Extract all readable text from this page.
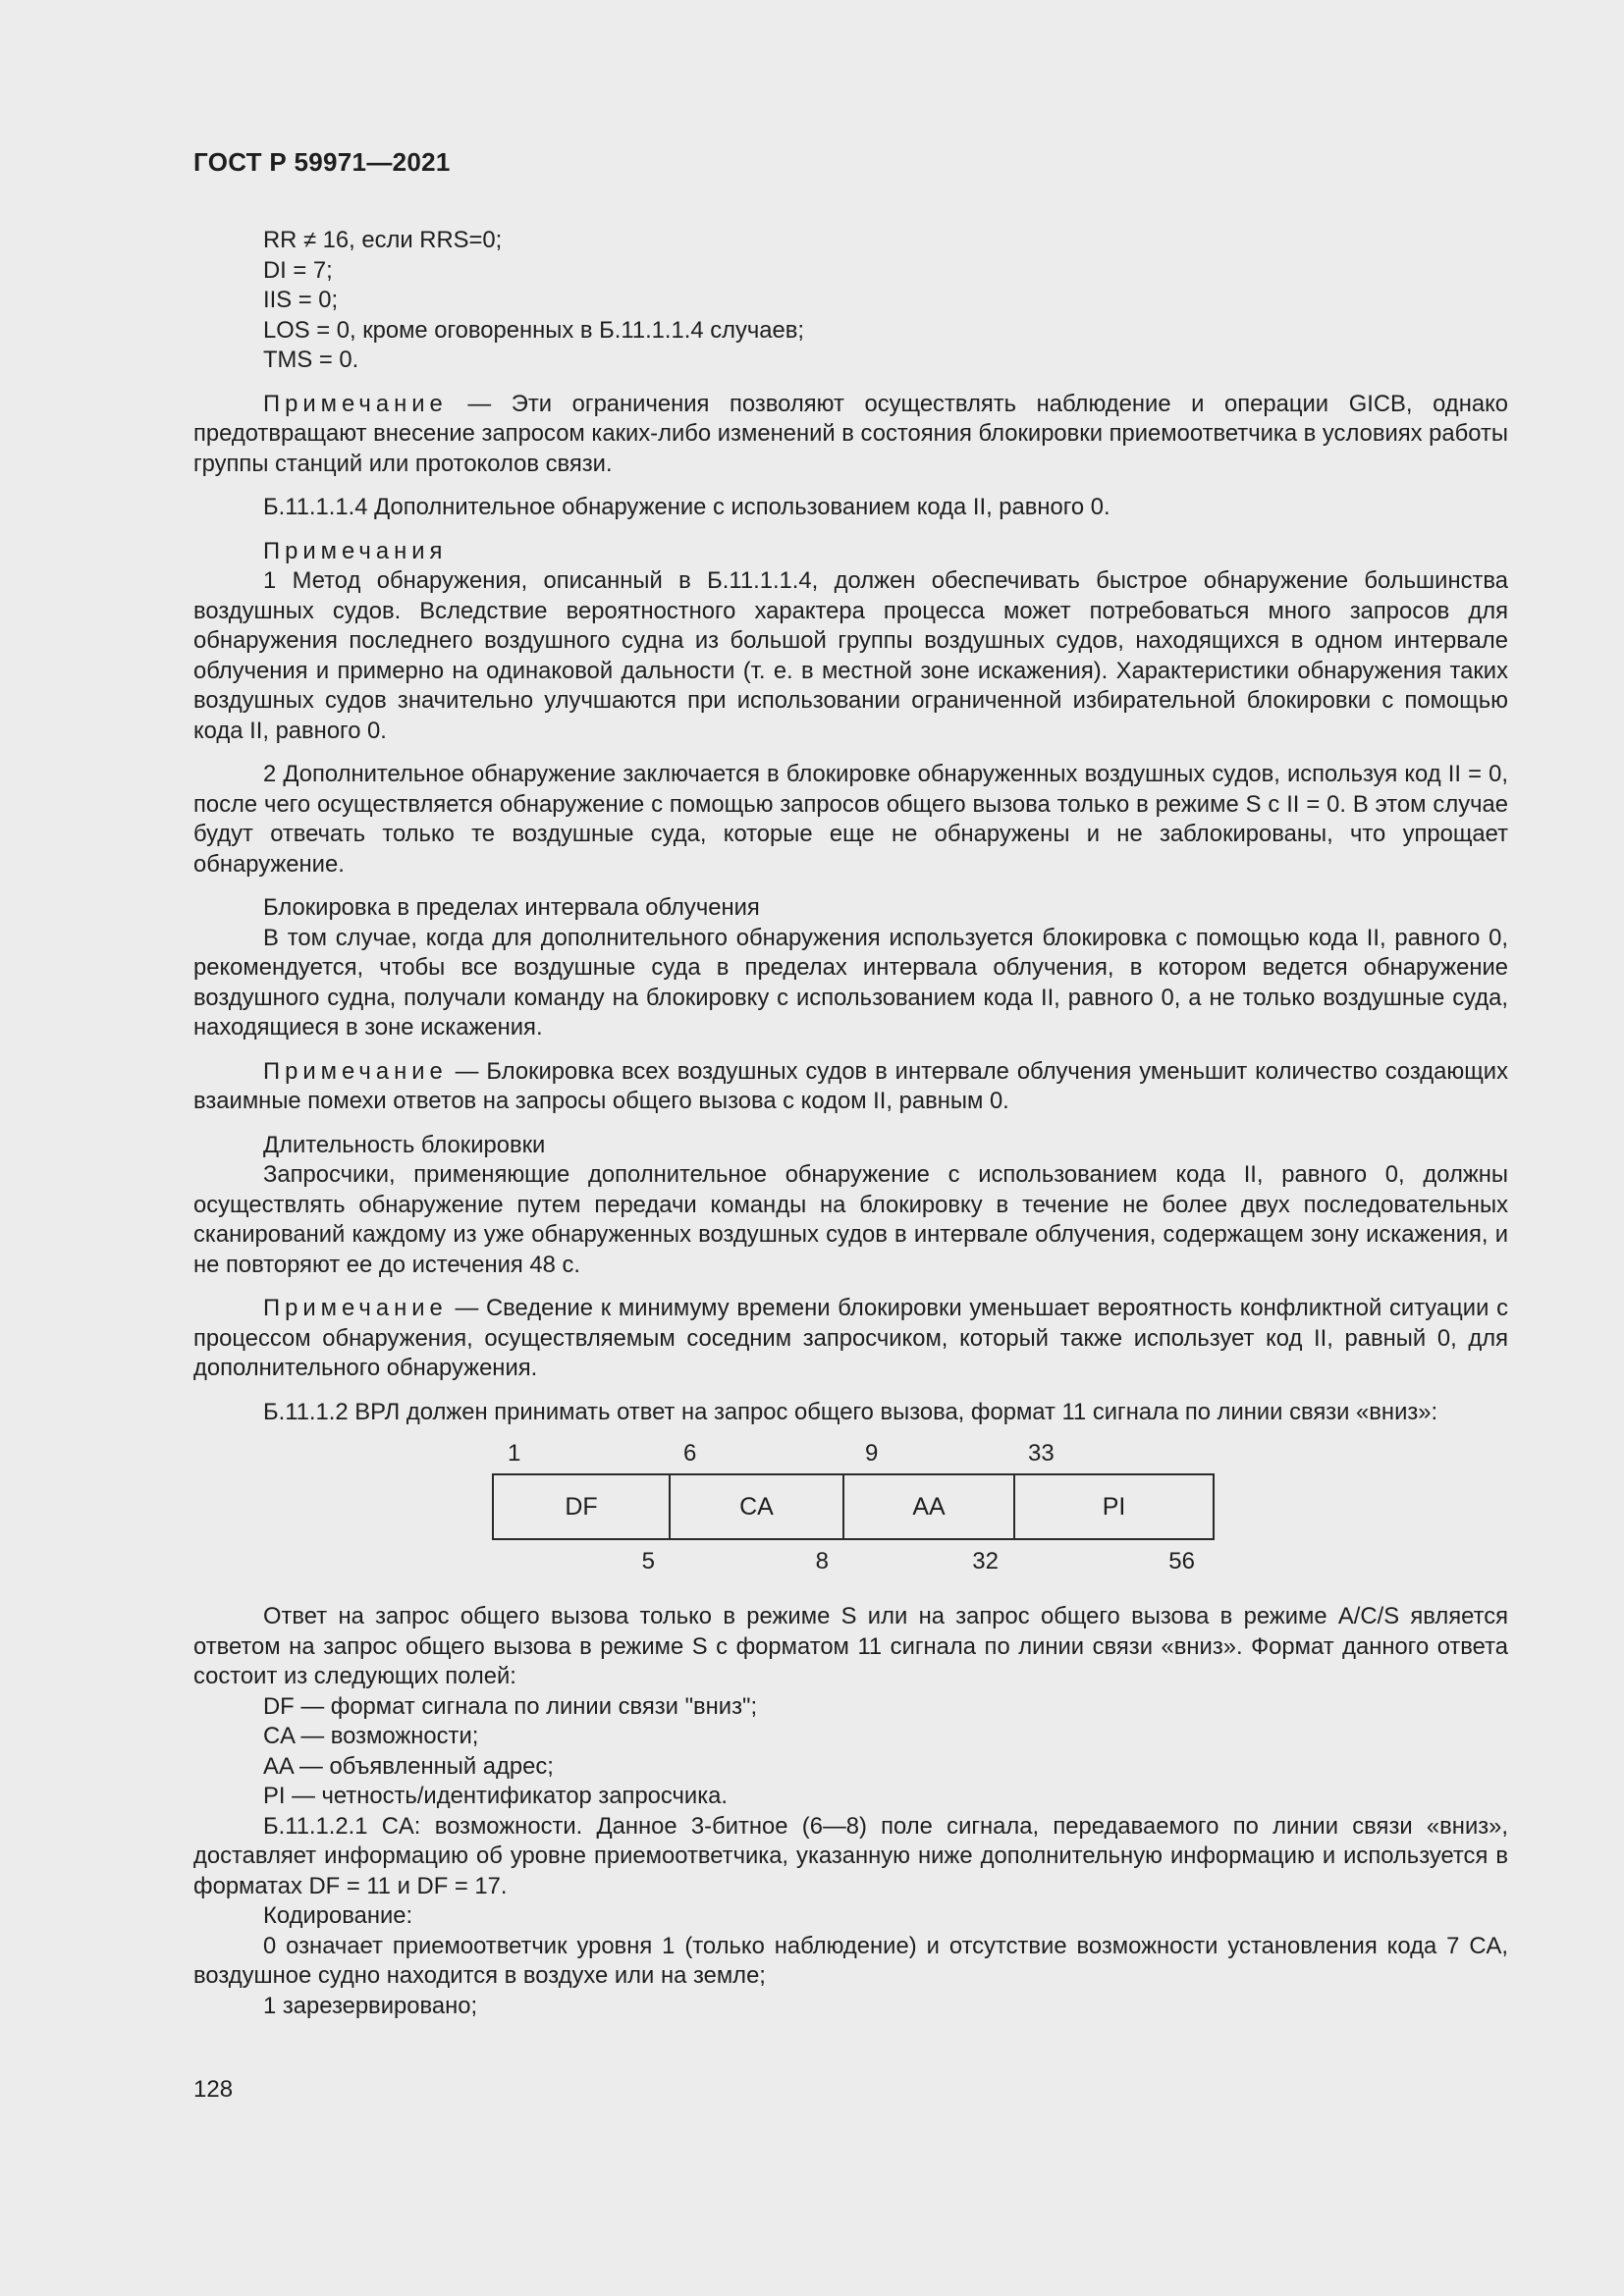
ГОСТ Р 59971—2021

RR ≠ 16, если RRS=0;

DI = 7;

IIS = 0;

LOS = 0, кроме оговоренных в Б.11.1.1.4 случаев;

TMS = 0.

Примечание — Эти ограничения позволяют осуществлять наблюдение и операции GICB, однако предотвращают внесение запросом каких-либо изменений в состояния блокировки приемоответчика в условиях работы группы станций или протоколов связи.

Б.11.1.1.4 Дополнительное обнаружение с использованием кода II, равного 0.

Примечания

1 Метод обнаружения, описанный в Б.11.1.1.4, должен обеспечивать быстрое обнаружение большинства воздушных судов. Вследствие вероятностного характера процесса может потребоваться много запросов для обнаружения последнего воздушного судна из большой группы воздушных судов, находящихся в одном интервале облучения и примерно на одинаковой дальности (т. е. в местной зоне искажения). Характеристики обнаружения таких воздушных судов значительно улучшаются при использовании ограниченной избирательной блокировки с помощью кода II, равного 0.

2 Дополнительное обнаружение заключается в блокировке обнаруженных воздушных судов, используя код II = 0, после чего осуществляется обнаружение с помощью запросов общего вызова только в режиме S с II = 0. В этом случае будут отвечать только те воздушные суда, которые еще не обнаружены и не заблокированы, что упрощает обнаружение.

Блокировка в пределах интервала облучения

В том случае, когда для дополнительного обнаружения используется блокировка с помощью кода II, равного 0, рекомендуется, чтобы все воздушные суда в пределах интервала облучения, в котором ведется обнаружение воздушного судна, получали команду на блокировку с использованием кода II, равного 0, а не только воздушные суда, находящиеся в зоне искажения.

Примечание — Блокировка всех воздушных судов в интервале облучения уменьшит количество создающих взаимные помехи ответов на запросы общего вызова с кодом II, равным 0.

Длительность блокировки

Запросчики, применяющие дополнительное обнаружение с использованием кода II, равного 0, должны осуществлять обнаружение путем передачи команды на блокировку в течение не более двух последовательных сканирований каждому из уже обнаруженных воздушных судов в интервале облучения, содержащем зону искажения, и не повторяют ее до истечения 48 с.

Примечание — Сведение к минимуму времени блокировки уменьшает вероятность конфликтной ситуации с процессом обнаружения, осуществляемым соседним запросчиком, который также использует код II, равный 0, для дополнительного обнаружения.

Б.11.1.2 ВРЛ должен принимать ответ на запрос общего вызова, формат 11 сигнала по линии связи «вниз»:

1	6	9	33
DF	CA	AA	PI
5	8	32	56

Ответ на запрос общего вызова только в режиме S или на запрос общего вызова в режиме A/C/S является ответом на запрос общего вызова в режиме S с форматом 11 сигнала по линии связи «вниз». Формат данного ответа состоит из следующих полей:

DF — формат сигнала по линии связи "вниз";

CA — возможности;

AA — объявленный адрес;

PI — четность/идентификатор запросчика.

Б.11.1.2.1 CA: возможности. Данное 3-битное (6—8) поле сигнала, передаваемого по линии связи «вниз», доставляет информацию об уровне приемоответчика, указанную ниже дополнительную информацию и используется в форматах DF = 11 и DF = 17.

Кодирование:

0 означает приемоответчик уровня 1 (только наблюдение) и отсутствие возможности установления кода 7 CA, воздушное судно находится в воздухе или на земле;

1 зарезервировано;

128
